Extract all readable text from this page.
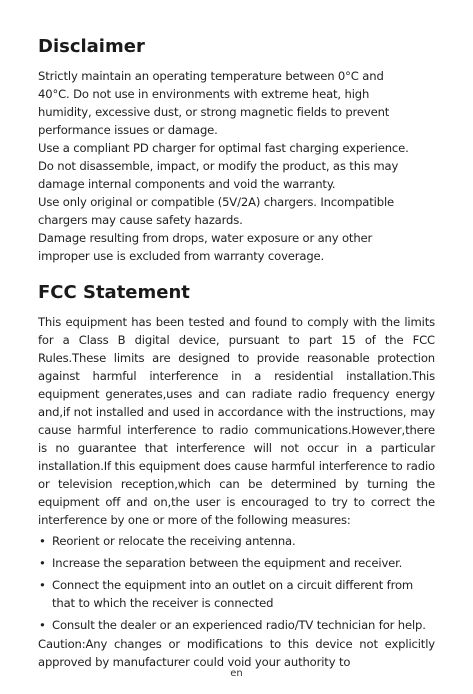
Disclaimer

Strictly maintain an operating temperature between 0°C and

40°C. Do not use in environments with extreme heat, high

humidity, excessive dust, or strong magnetic fields to prevent

performance issues or damage.

Use a compliant PD charger for optimal fast charging experience.

Do not disassemble, impact, or modify the product, as this may

damage internal components and void the warranty.

Use only original or compatible (5V/2A) chargers. Incompatible

chargers may cause safety hazards.

Damage resulting from drops, water exposure or any other

improper use is excluded from warranty coverage.

FCC Statement

This equipment has been tested and found to comply with the limits for a Class B digital device, pursuant to part 15 of the FCC Rules.These limits are designed to provide reasonable protection against harmful interference in a residential installation.This equipment generates,uses and can radiate radio frequency energy and,if not installed and used in accordance with the instructions, may cause harmful interference to radio communications.However,there is no guarantee that interference will not occur in a particular installation.If this equipment does cause harmful interference to radio or television reception,which can be determined by turning the equipment off and on,the user is encouraged to try to correct the interference by one or more of the following measures:

• Reorient or relocate the receiving antenna.
• Increase the separation between the equipment and receiver.
• Connect the equipment into an outlet on a circuit different from that to which the receiver is connected
• Consult the dealer or an experienced radio/TV technician for help.

Caution:Any changes or modifications to this device not explicitly approved by manufacturer could void your authority to

en
